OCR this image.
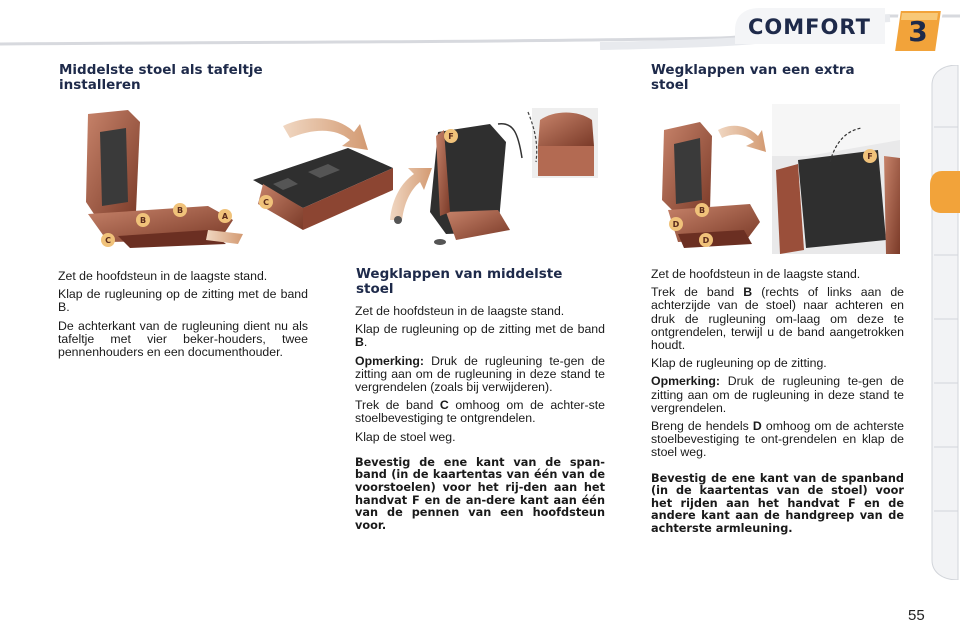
COMFORT	3
Middelste stoel als tafeltje installeren
Wegklappen van middelste stoel
Wegklappen van een extra stoel
B
B
A
C
C
F
B
D
D
F

Zet de hoofdsteun in de laagste stand.

Klap de rugleuning op de zitting met de band B.

De achterkant van de rugleuning dient nu als tafeltje met vier beker-houders, twee pennenhouders en een documenthouder.

Zet de hoofdsteun in de laagste stand.

Klap de rugleuning op de zitting met de band B.

Opmerking: Druk de rugleuning te-gen de zitting aan om de rugleuning in deze stand te vergrendelen (zoals bij verwijderen).

Trek de band C omhoog om de achter-ste stoelbevestiging te ontgrendelen.

Klap de stoel weg.

Bevestig de ene kant van de span-band (in de kaartentas van één van de voorstoelen) voor het rij-den aan het handvat F en de an-dere kant aan één van de pennen van een hoofdsteun voor.

Zet de hoofdsteun in de laagste stand.

Trek de band B (rechts of links aan de achterzijde van de stoel) naar achteren en druk de rugleuning om-laag om deze te ontgrendelen, terwijl u de band aangetrokken houdt.

Klap de rugleuning op de zitting.

Opmerking: Druk de rugleuning te-gen de zitting aan om de rugleuning in deze stand te vergrendelen.

Breng de hendels D omhoog om de achterste stoelbevestiging te ont-grendelen en klap de stoel weg.

Bevestig de ene kant van de spanband (in de kaartentas van de stoel) voor het rijden aan het handvat F en de andere kant aan de handgreep van de achterste armleuning.

55
